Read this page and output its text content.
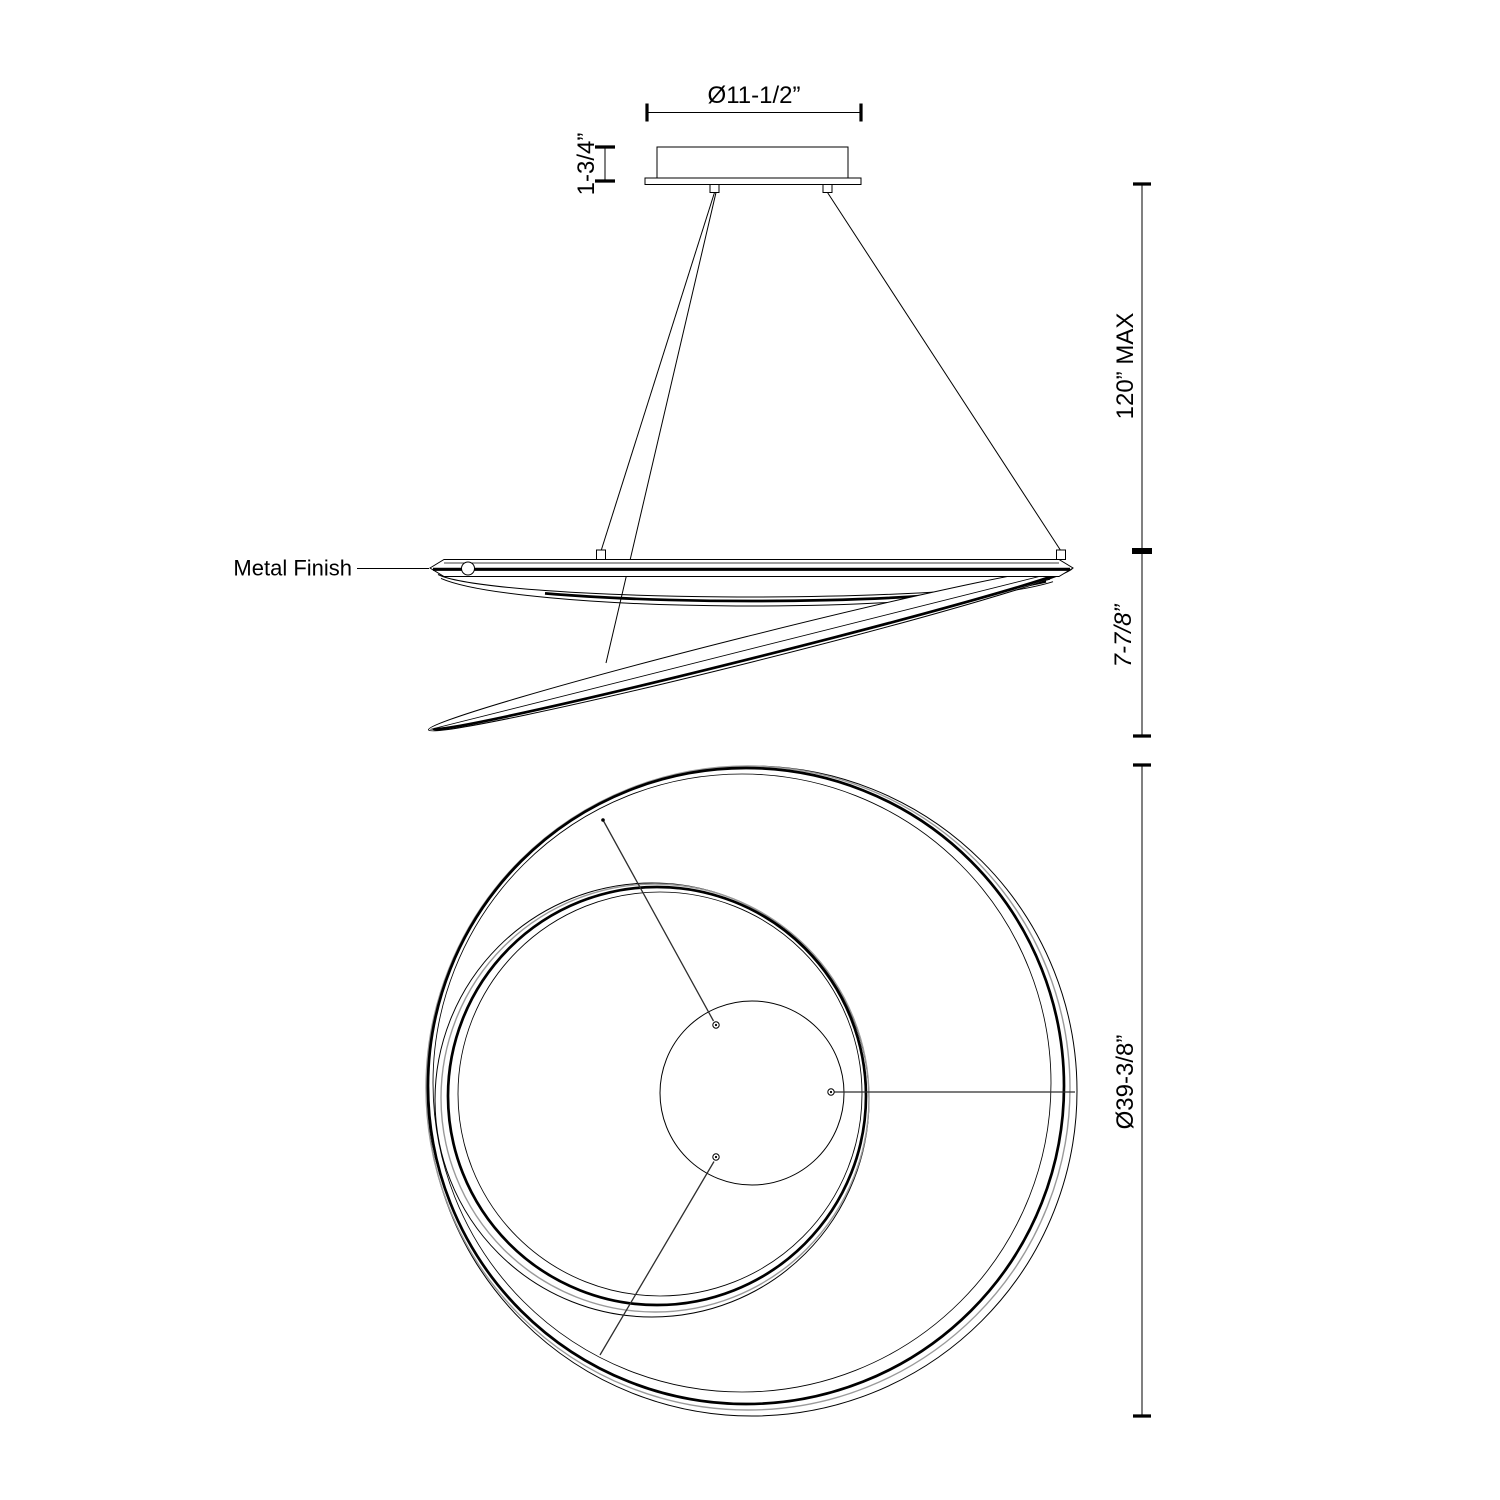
Ø11-1/2”
1-3/4”
Metal Finish
120” MAX
7-7/8”
Ø39-3/8”
